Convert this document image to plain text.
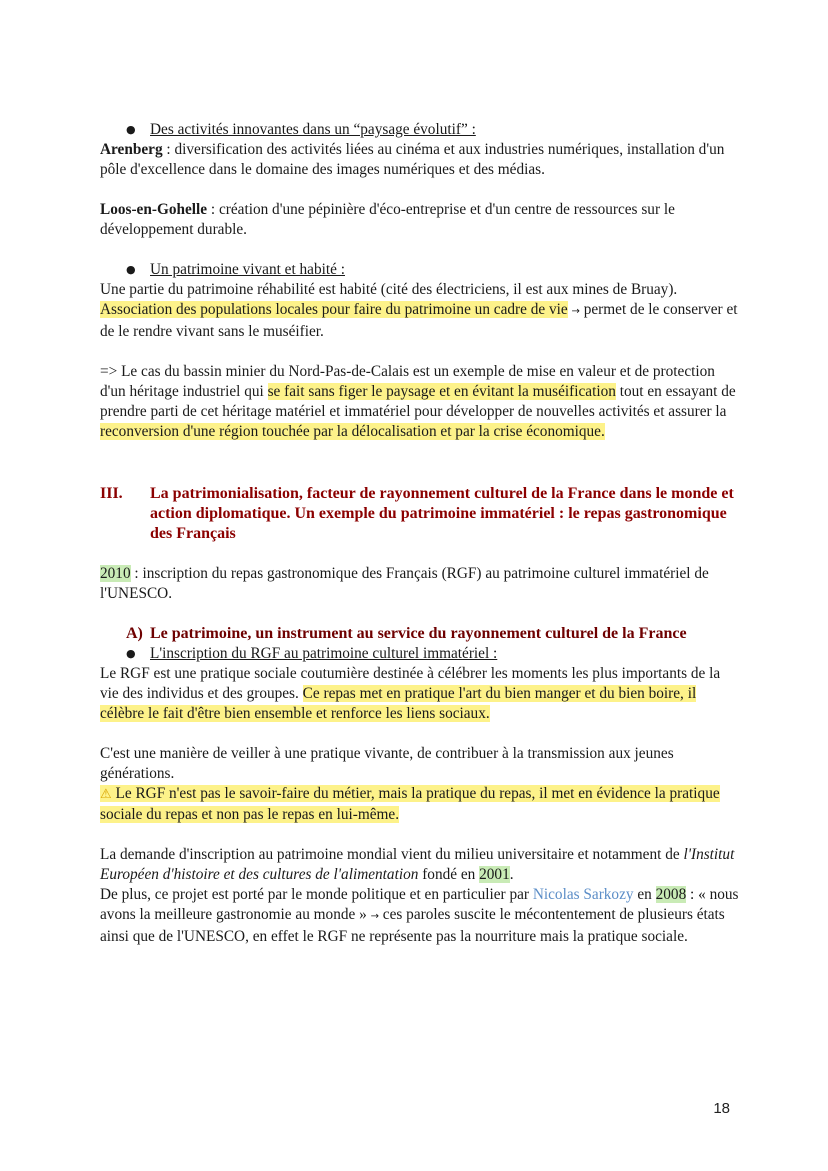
● Des activités innovantes dans un “paysage évolutif” :

Arenberg : diversification des activités liées au cinéma et aux industries numériques, installation d'un pôle d'excellence dans le domaine des images numériques et des médias.

Loos-en-Gohelle : création d'une pépinière d'éco-entreprise et d'un centre de ressources sur le développement durable.

● Un patrimoine vivant et habité :

Une partie du patrimoine réhabilité est habité (cité des électriciens, il est aux mines de Bruay).

Association des populations locales pour faire du patrimoine un cadre de vie → permet de le conserver et de le rendre vivant sans le muséifier.

=> Le cas du bassin minier du Nord-Pas-de-Calais est un exemple de mise en valeur et de protection d'un héritage industriel qui se fait sans figer le paysage et en évitant la muséification tout en essayant de prendre parti de cet héritage matériel et immatériel pour développer de nouvelles activités et assurer la reconversion d'une région touchée par la délocalisation et par la crise économique.

III. La patrimonialisation, facteur de rayonnement culturel de la France dans le monde et action diplomatique. Un exemple du patrimoine immatériel : le repas gastronomique des Français

2010 : inscription du repas gastronomique des Français (RGF) au patrimoine culturel immatériel de l'UNESCO.

A) Le patrimoine, un instrument au service du rayonnement culturel de la France

● L'inscription du RGF au patrimoine culturel immatériel :

Le RGF est une pratique sociale coutumière destinée à célébrer les moments les plus importants de la vie des individus et des groupes. Ce repas met en pratique l'art du bien manger et du bien boire, il célèbre le fait d'être bien ensemble et renforce les liens sociaux.

C'est une manière de veiller à une pratique vivante, de contribuer à la transmission aux jeunes générations.

⚠ Le RGF n'est pas le savoir-faire du métier, mais la pratique du repas, il met en évidence la pratique sociale du repas et non pas le repas en lui-même.

La demande d'inscription au patrimoine mondial vient du milieu universitaire et notamment de l'Institut Européen d'histoire et des cultures de l'alimentation fondé en 2001.

De plus, ce projet est porté par le monde politique et en particulier par Nicolas Sarkozy en 2008 : « nous avons la meilleure gastronomie au monde » → ces paroles suscite le mécontentement de plusieurs états ainsi que de l'UNESCO, en effet le RGF ne représente pas la nourriture mais la pratique sociale.

18
